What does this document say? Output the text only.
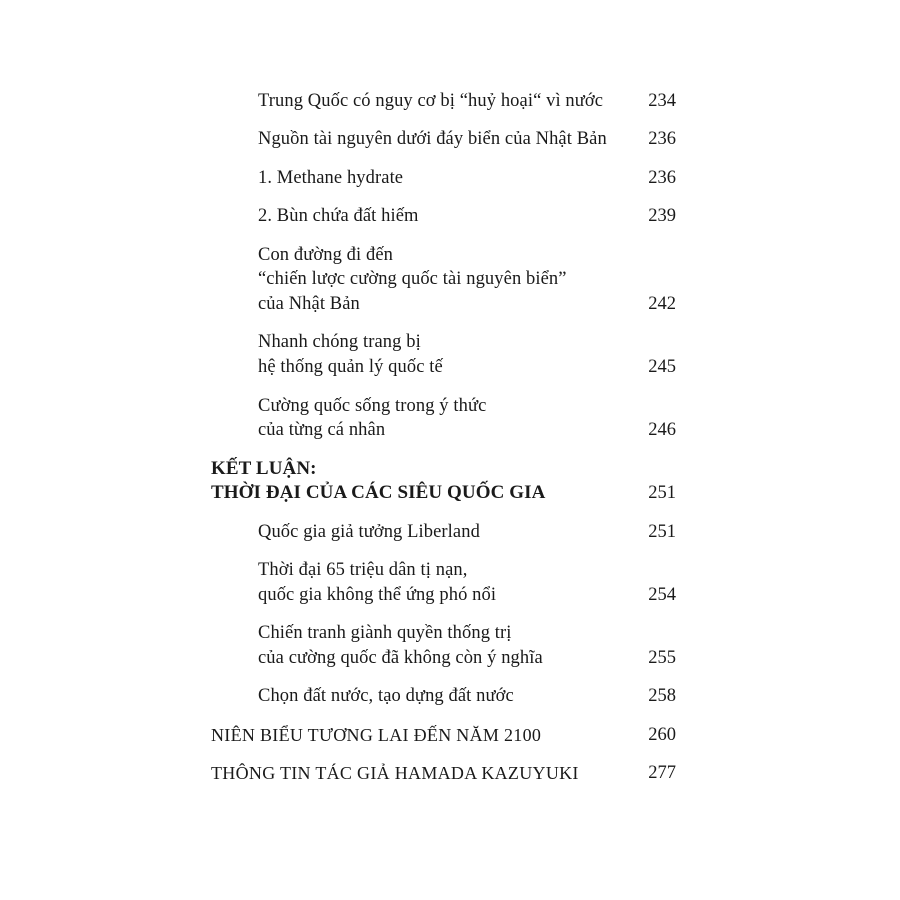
Trung Quốc có nguy cơ bị “huỷ hoại“ vì nước	234
Nguồn tài nguyên dưới đáy biển của Nhật Bản	236
1. Methane hydrate	236
2. Bùn chứa đất hiếm	239
Con đường đi đến
“chiến lược cường quốc tài nguyên biển”
của Nhật Bản	242
Nhanh chóng trang bị
hệ thống quản lý quốc tế	245
Cường quốc sống trong ý thức
của từng cá nhân	246
KẾT LUẬN:
THỜI ĐẠI CỦA CÁC SIÊU QUỐC GIA	251
Quốc gia giả tưởng Liberland	251
Thời đại 65 triệu dân tị nạn,
quốc gia không thể ứng phó nổi	254
Chiến tranh giành quyền thống trị
của cường quốc đã không còn ý nghĩa	255
Chọn đất nước, tạo dựng đất nước	258
NIÊN BIỂU TƯƠNG LAI ĐẾN NĂM 2100	260
THÔNG TIN TÁC GIẢ HAMADA KAZUYUKI	277
